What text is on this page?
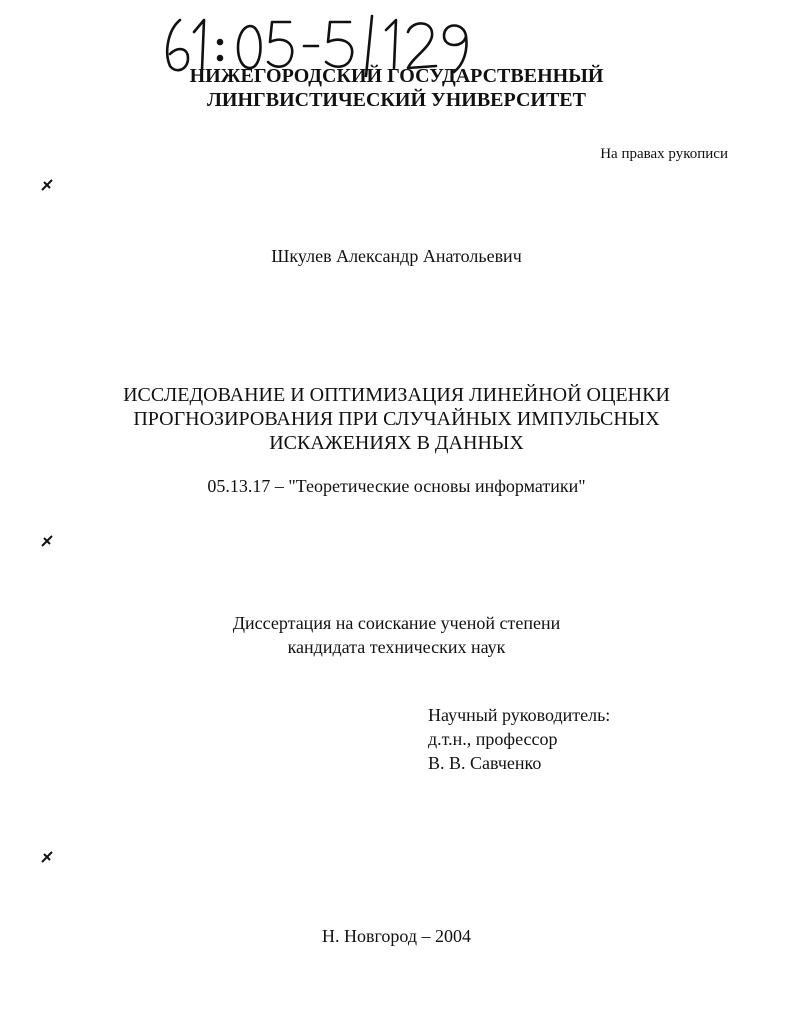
НИЖЕГОРОДСКИЙ ГОСУДАРСТВЕННЫЙ
ЛИНГВИСТИЧЕСКИЙ УНИВЕРСИТЕТ
На правах рукописи
Шкулев Александр Анатольевич
ИССЛЕДОВАНИЕ И ОПТИМИЗАЦИЯ ЛИНЕЙНОЙ ОЦЕНКИ
ПРОГНОЗИРОВАНИЯ ПРИ СЛУЧАЙНЫХ ИМПУЛЬСНЫХ
ИСКАЖЕНИЯХ В ДАННЫХ
05.13.17 – "Теоретические основы информатики"
Диссертация на соискание ученой степени
кандидата технических наук
Научный руководитель:
д.т.н., профессор
В. В. Савченко
Н. Новгород – 2004
